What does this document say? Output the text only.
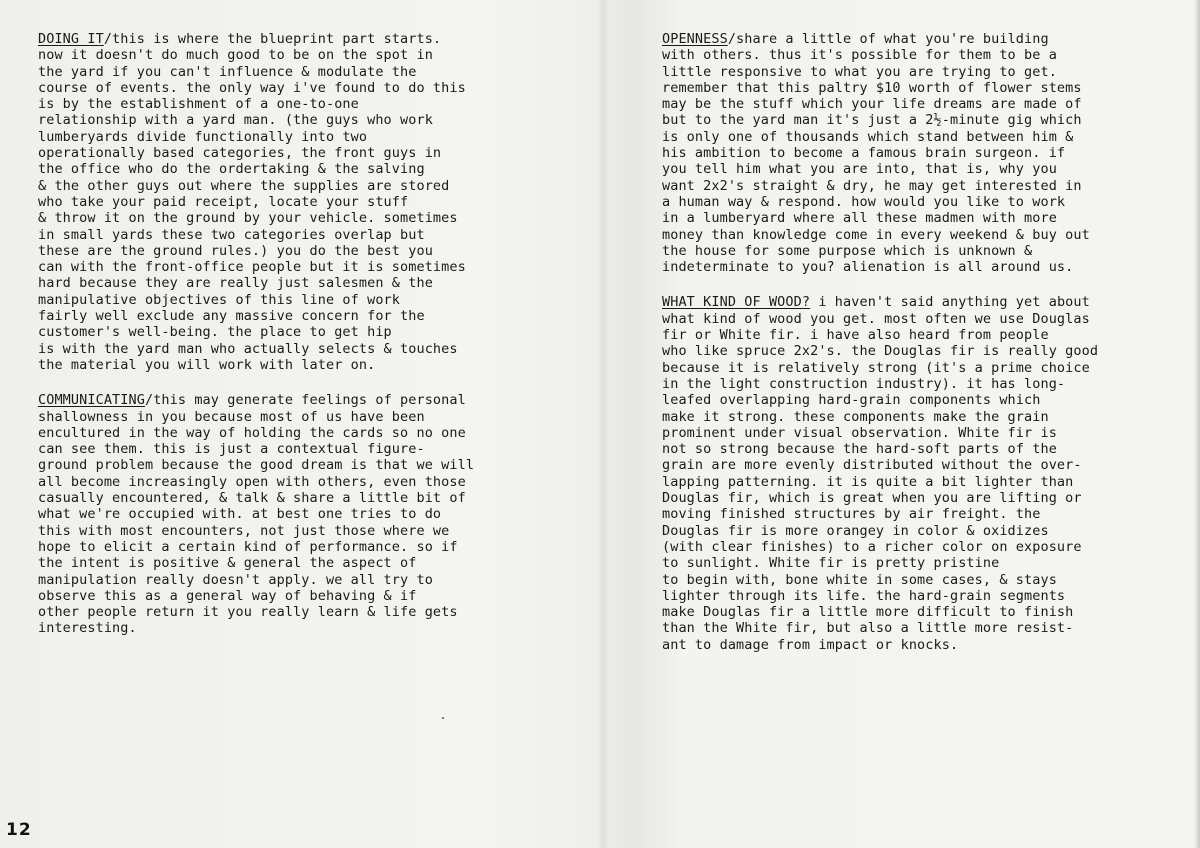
DOING IT/this is where the blueprint part starts.
now it doesn't do much good to be on the spot in
the yard if you can't influence & modulate the
course of events. the only way i've found to do this
is by the establishment of a one-to-one
relationship with a yard man. (the guys who work
lumberyards divide functionally into two
operationally based categories, the front guys in
the office who do the ordertaking & the salving
& the other guys out where the supplies are stored
who take your paid receipt, locate your stuff
& throw it on the ground by your vehicle. sometimes
in small yards these two categories overlap but
these are the ground rules.) you do the best you
can with the front-office people but it is sometimes
hard because they are really just salesmen & the
manipulative objectives of this line of work
fairly well exclude any massive concern for the
customer's well-being. the place to get hip
is with the yard man who actually selects & touches
the material you will work with later on.

COMMUNICATING/this may generate feelings of personal
shallowness in you because most of us have been
encultured in the way of holding the cards so no one
can see them. this is just a contextual figure-
ground problem because the good dream is that we will
all become increasingly open with others, even those
casually encountered, & talk & share a little bit of
what we're occupied with. at best one tries to do
this with most encounters, not just those where we
hope to elicit a certain kind of performance. so if
the intent is positive & general the aspect of
manipulation really doesn't apply. we all try to
observe this as a general way of behaving & if
other people return it you really learn & life gets
interesting.

OPENNESS/share a little of what you're building
with others. thus it's possible for them to be a
little responsive to what you are trying to get.
remember that this paltry $10 worth of flower stems
may be the stuff which your life dreams are made of
but to the yard man it's just a 2½-minute gig which
is only one of thousands which stand between him &
his ambition to become a famous brain surgeon. if
you tell him what you are into, that is, why you
want 2x2's straight & dry, he may get interested in
a human way & respond. how would you like to work
in a lumberyard where all these madmen with more
money than knowledge come in every weekend & buy out
the house for some purpose which is unknown &
indeterminate to you? alienation is all around us.

WHAT KIND OF WOOD? i haven't said anything yet about
what kind of wood you get. most often we use Douglas
fir or White fir. i have also heard from people
who like spruce 2x2's. the Douglas fir is really good
because it is relatively strong (it's a prime choice
in the light construction industry). it has long-
leafed overlapping hard-grain components which
make it strong. these components make the grain
prominent under visual observation. White fir is
not so strong because the hard-soft parts of the
grain are more evenly distributed without the over-
lapping patterning. it is quite a bit lighter than
Douglas fir, which is great when you are lifting or
moving finished structures by air freight. the
Douglas fir is more orangey in color & oxidizes
(with clear finishes) to a richer color on exposure
to sunlight. White fir is pretty pristine
to begin with, bone white in some cases, & stays
lighter through its life. the hard-grain segments
make Douglas fir a little more difficult to finish
than the White fir, but also a little more resist-
ant to damage from impact or knocks.

12
